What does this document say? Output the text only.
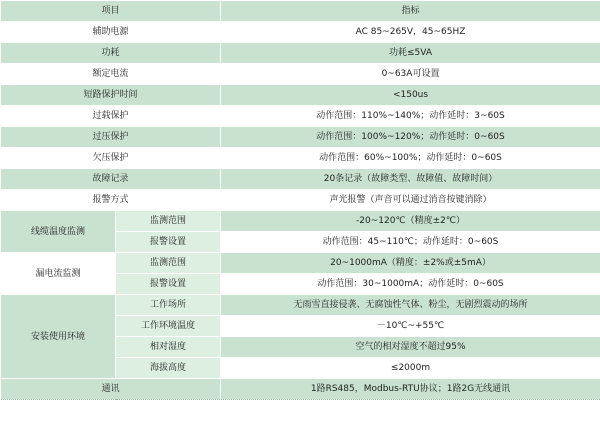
项目		指标
辅助电源		AC 85~265V，45~65HZ
功耗		功耗≤5VA
额定电流		0~63A可设置
短路保护时间		<150us
过载保护		动作范围：110%~140%；动作延时：3~60S
过压保护		动作范围：100%~120%；动作延时：0~60S
欠压保护		动作范围：60%~100%；动作延时：0~60S
故障记录		20条记录（故障类型、故障值、故障时间）
报警方式		声光报警（声音可以通过消音按键消除）
线缆温度监测	监测范围	-20~120℃（精度±2℃）
	报警设置	动作范围：45~110℃；动作延时：0~60S
漏电流监测	监测范围	20~1000mA（精度：±2%或±5mA）
	报警设置	动作范围：30~1000mA；动作延时：0~60S
安装使用环境	工作场所	无雨雪直接侵袭、无腐蚀性气体、粉尘，无剧烈震动的场所
	工作环境温度	－10℃~+55℃
	相对湿度	空气的相对湿度不超过95%
	海拔高度	≤2000m
通讯		1路RS485，Modbus-RTU协议；1路2G无线通讯
